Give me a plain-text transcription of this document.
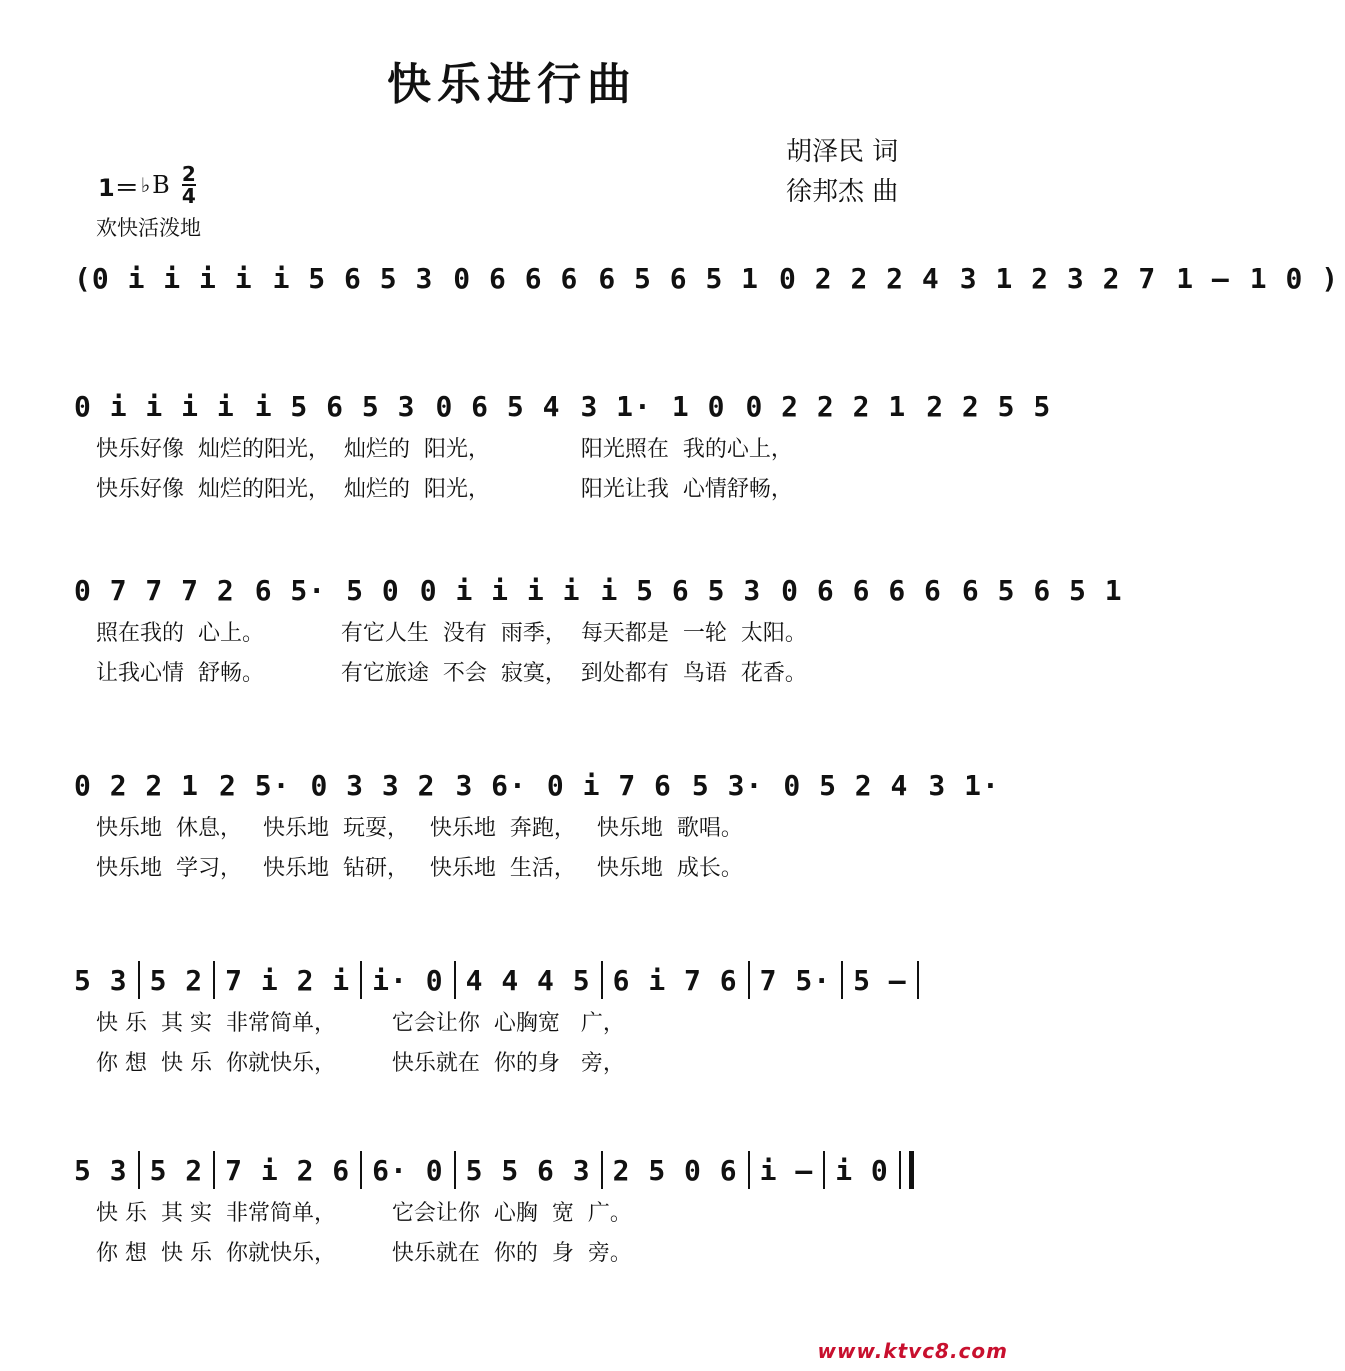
快乐进行曲
胡泽民 词
徐邦杰 曲
1＝ ♭ B 2
4
欢快活泼地
(0 i i i i i 5 6 5 3 0 6 6 6 6 5 6 5 1 0 2 2 2 4 3 1 2 3 2 7 1 – 1 0 )
0 i i i i i 5 6 5 3 0 6 5 4 3 1· 1 0 0 2 2 2 1 2 2 5 5
快乐好像  灿烂的阳光，  灿烂的  阳光，             阳光照在  我的心上，
快乐好像  灿烂的阳光，  灿烂的  阳光，             阳光让我  心情舒畅，
0 7 7 7 2 6 5· 5 0 0 i i i i i 5 6 5 3 0 6 6 6 6 6 5 6 5 1
照在我的  心上。           有它人生  没有  雨季，  每天都是  一轮  太阳。
让我心情  舒畅。           有它旅途  不会  寂寞，  到处都有  鸟语  花香。
0 2 2 1 2 5· 0 3 3 2 3 6· 0 i 7 6 5 3· 0 5 2 4 3 1·
快乐地  休息，   快乐地  玩耍，   快乐地  奔跑，   快乐地  歌唱。
快乐地  学习，   快乐地  钻研，   快乐地  生活，   快乐地  成长。
5 3 5 2 7 i 2 i i· 0 4 4 4 5 6 i 7 6 7 5· 5 –
快 乐  其 实  非常简单，        它会让你  心胸宽   广，
你 想  快 乐  你就快乐，        快乐就在  你的身   旁，
5 3 5 2 7 i 2 6 6· 0 5 5 6 3 2 5 0 6 i – i 0
快 乐  其 实  非常简单，        它会让你  心胸  宽  广。
你 想  快 乐  你就快乐，        快乐就在  你的  身  旁。
www.ktvc8.com
